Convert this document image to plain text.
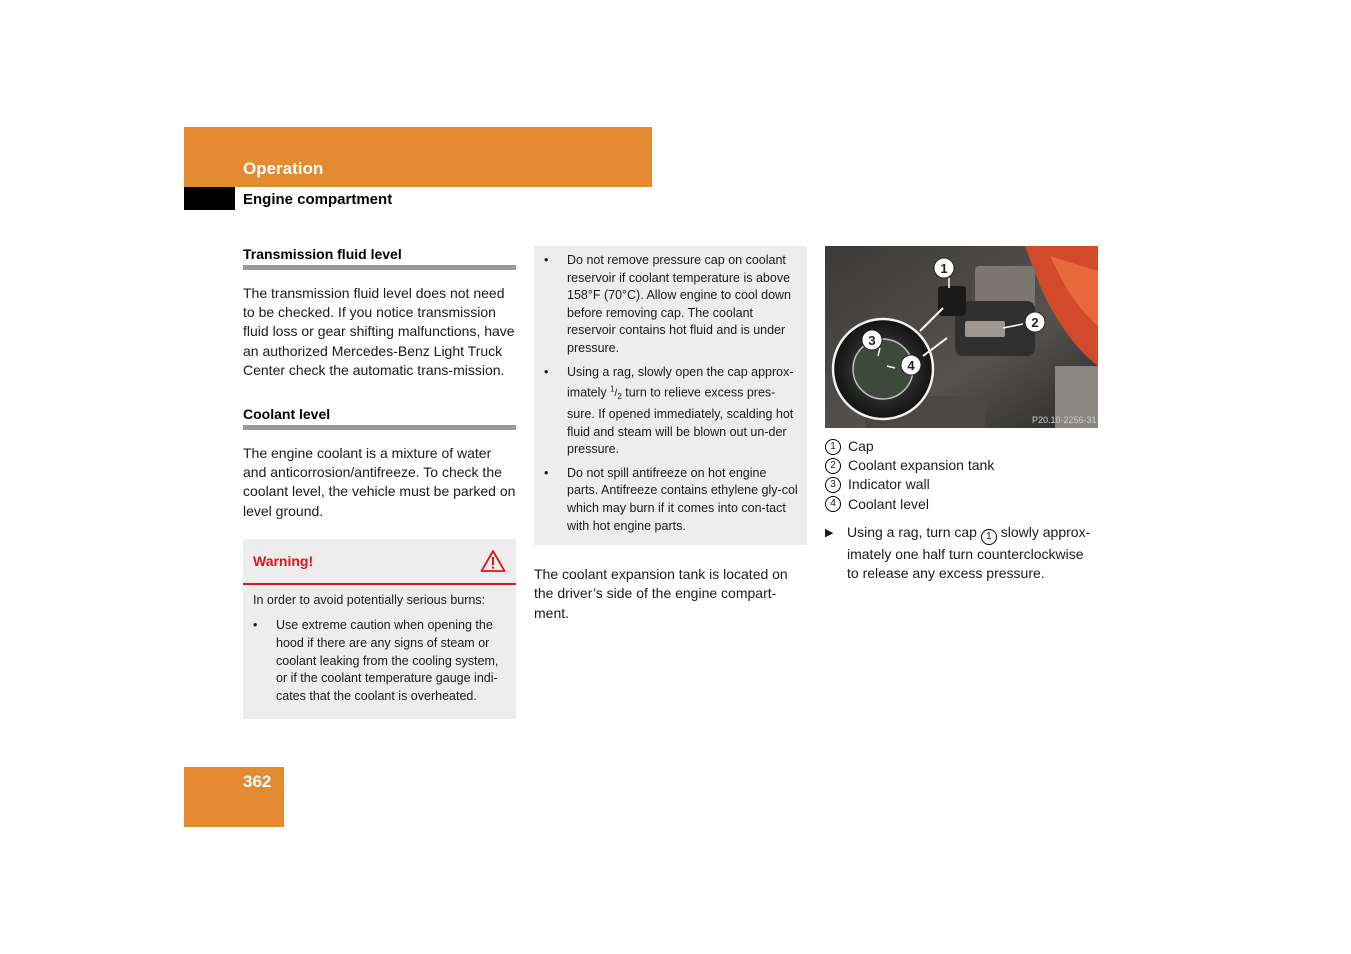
Operation
Engine compartment
Transmission fluid level

The transmission fluid level does not need to be checked. If you notice transmission fluid loss or gear shifting malfunctions, have an authorized Mercedes-Benz Light Truck Center check the automatic trans-mission.

Coolant level

The engine coolant is a mixture of water and anticorrosion/antifreeze. To check the coolant level, the vehicle must be parked on level ground.

Warning!

In order to avoid potentially serious burns:

• Use extreme caution when opening the hood if there are any signs of steam or coolant leaking from the cooling system, or if the coolant temperature gauge indi-cates that the coolant is overheated.
• Do not remove pressure cap on coolant reservoir if coolant temperature is above 158°F (70°C). Allow engine to cool down before removing cap. The coolant reservoir contains hot fluid and is under pressure.
• Using a rag, slowly open the cap approx-imately $^1/_2$ turn to relieve excess pres-sure. If opened immediately, scalding hot fluid and steam will be blown out un-der pressure.
• Do not spill antifreeze on hot engine parts. Antifreeze contains ethylene gly-col which may burn if it comes into con-tact with hot engine parts.

The coolant expansion tank is located on the driver’s side of the engine compart-ment.

1
2
3
4
P20.10-2256-31
1 Cap
2 Coolant expansion tank
3 Indicator wall
4 Coolant level
▶ Using a rag, turn cap 1 slowly approx-imately one half turn counterclockwise to release any excess pressure.
362
